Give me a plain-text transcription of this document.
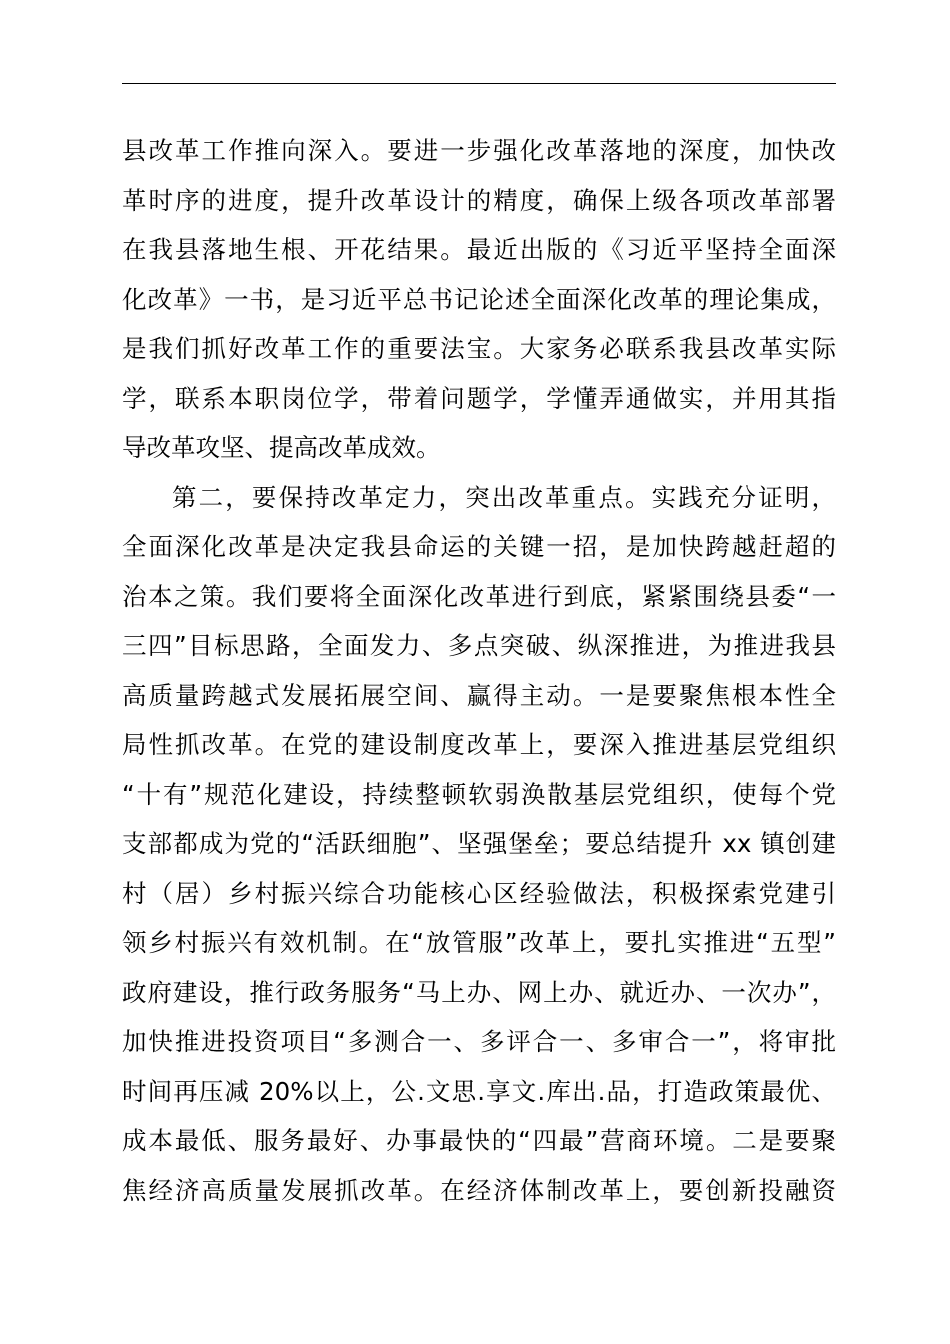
县改革工作推向深入。要进一步强化改革落地的深度，加快改
革时序的进度，提升改革设计的精度，确保上级各项改革部署
在我县落地生根、开花结果。最近出版的《习近平坚持全面深
化改革》一书，是习近平总书记论述全面深化改革的理论集成，
是我们抓好改革工作的重要法宝。大家务必联系我县改革实际
学，联系本职岗位学，带着问题学，学懂弄通做实，并用其指
导改革攻坚、提高改革成效。
第二，要保持改革定力，突出改革重点。实践充分证明，
全面深化改革是决定我县命运的关键一招，是加快跨越赶超的
治本之策。我们要将全面深化改革进行到底，紧紧围绕县委“一
三四”目标思路，全面发力、多点突破、纵深推进，为推进我县
高质量跨越式发展拓展空间、赢得主动。一是要聚焦根本性全
局性抓改革。在党的建设制度改革上，要深入推进基层党组织
“十有”规范化建设，持续整顿软弱涣散基层党组织，使每个党
支部都成为党的“活跃细胞”、坚强堡垒；要总结提升 xx 镇创建
村（居）乡村振兴综合功能核心区经验做法，积极探索党建引
领乡村振兴有效机制。在“放管服”改革上，要扎实推进“五型”
政府建设，推行政务服务“马上办、网上办、就近办、一次办”，
加快推进投资项目“多测合一、多评合一、多审合一”，将审批
时间再压减 20%以上，公.文思.享文.库出.品，打造政策最优、
成本最低、服务最好、办事最快的“四最”营商环境。二是要聚
焦经济高质量发展抓改革。在经济体制改革上，要创新投融资
